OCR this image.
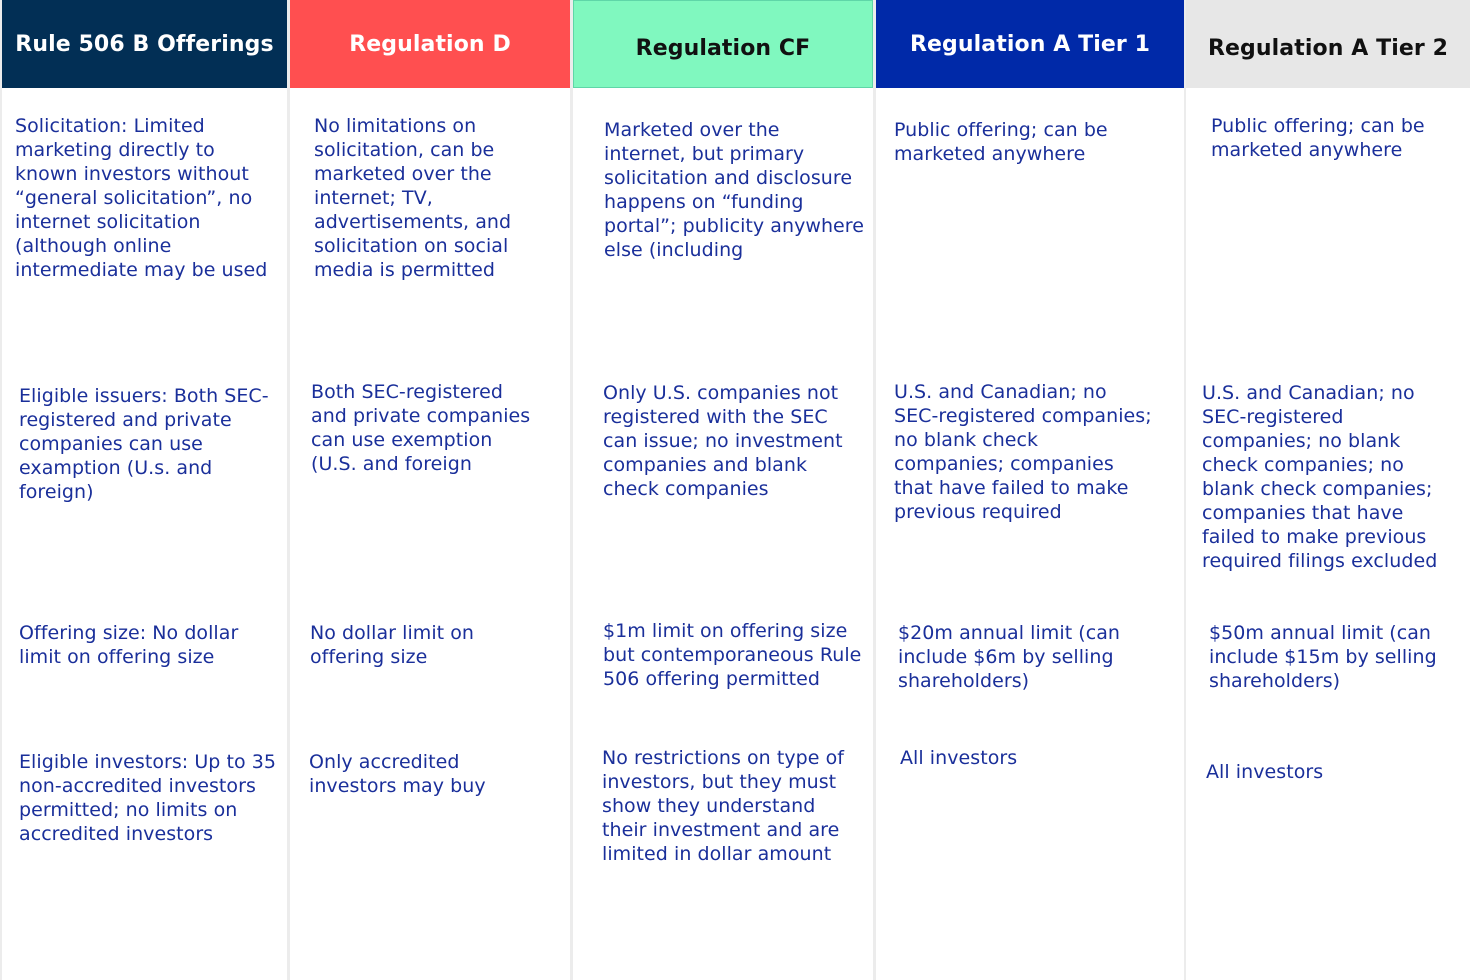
Rule 506 B Offerings

Solicitation: Limited marketing directly to known investors without “general solicitation”, no internet solicitation (although online intermediate may be used

Eligible issuers: Both SEC-registered and private companies can use examption (U.s. and foreign)

Offering size: No dollar limit on offering size

Eligible investors: Up to 35 non-accredited investors permitted; no limits on accredited investors

Regulation D

No limitations on solicitation, can be marketed over the internet; TV, advertisements, and solicitation on social media is permitted

Both SEC-registered and private companies can use exemption (U.S. and foreign

No dollar limit on offering size

Only accredited investors may buy

Regulation CF

Marketed over the internet, but primary solicitation and disclosure happens on “funding portal”; publicity anywhere else (including

Only U.S. companies not registered with the SEC can issue; no investment companies and blank check companies

$1m limit on offering size but contemporaneous Rule 506 offering permitted

No restrictions on type of investors, but they must show they understand their investment and are limited in dollar amount

Regulation A Tier 1

Public offering; can be marketed anywhere

U.S. and Canadian; no SEC-registered companies; no blank check companies; companies that have failed to make previous required

$20m annual limit (can include $6m by selling shareholders)

All investors

Regulation A Tier 2

Public offering; can be marketed anywhere

U.S. and Canadian; no SEC-registered companies; no blank check companies; no blank check companies; companies that have failed to make previous required filings excluded

$50m annual limit (can include $15m by selling shareholders)

All investors
